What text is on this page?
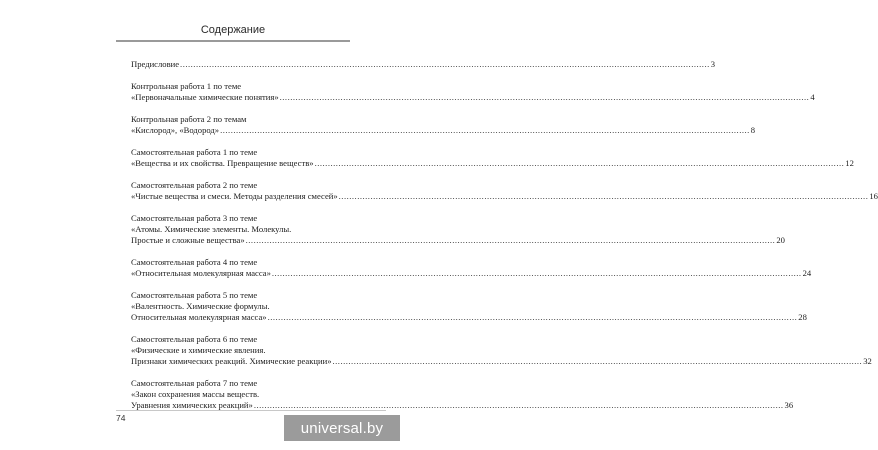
Содержание
Предисловие ........................................................................................................................................................................................................ 3
Контрольная работа 1 по теме
«Первоначальные химические понятия» ........................................................................................................................................................................................................ 4
Контрольная работа 2 по темам
«Кислород», «Водород» ........................................................................................................................................................................................................ 8
Самостоятельная работа 1 по теме
«Вещества и их свойства. Превращение веществ» ........................................................................................................................................................................................................ 12
Самостоятельная работа 2 по теме
«Чистые вещества и смеси. Методы разделения смесей» ........................................................................................................................................................................................................ 16
Самостоятельная работа 3 по теме
«Атомы. Химические элементы. Молекулы.
Простые и сложные вещества» ........................................................................................................................................................................................................ 20
Самостоятельная работа 4 по теме
«Относительная молекулярная масса» ........................................................................................................................................................................................................ 24
Самостоятельная работа 5 по теме
«Валентность. Химические формулы.
Относительная молекулярная масса» ........................................................................................................................................................................................................ 28
Самостоятельная работа 6 по теме
«Физические и химические явления.
Признаки химических реакций. Химические реакции» ........................................................................................................................................................................................................ 32
Самостоятельная работа 7 по теме
«Закон сохранения массы веществ.
Уравнения химических реакций» ........................................................................................................................................................................................................ 36
74
universal.by
